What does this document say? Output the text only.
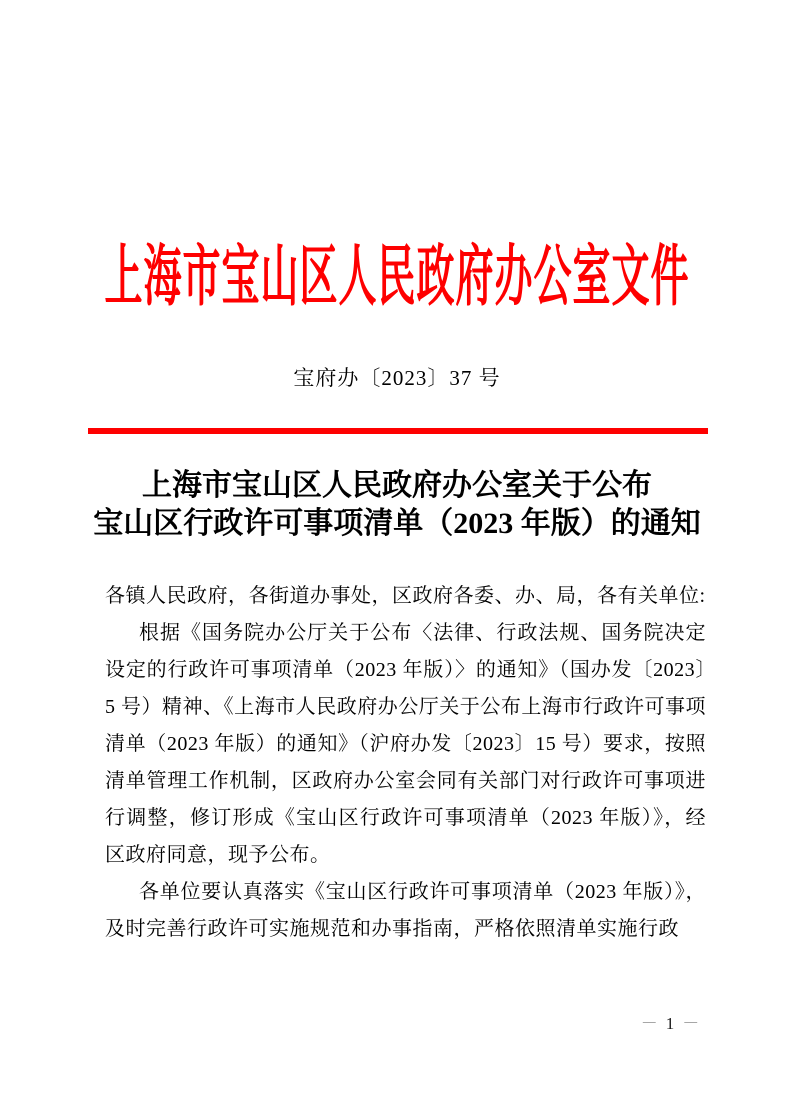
上海市宝山区人民政府办公室文件
宝府办〔2023〕37 号
上海市宝山区人民政府办公室关于公布
宝山区行政许可事项清单（2023 年版）的通知

各镇人民政府，各街道办事处，区政府各委、办、局，各有关单位:

根据《国务院办公厅关于公布〈法律、行政法规、国务院决定设定的行政许可事项清单（2023 年版）〉的通知》（国办发〔2023〕5 号）精神、《上海市人民政府办公厅关于公布上海市行政许可事项清单（2023 年版）的通知》（沪府办发〔2023〕15 号）要求，按照清单管理工作机制，区政府办公室会同有关部门对行政许可事项进行调整，修订形成《宝山区行政许可事项清单（2023 年版）》，经区政府同意，现予公布。

各单位要认真落实《宝山区行政许可事项清单（2023 年版）》，及时完善行政许可实施规范和办事指南，严格依照清单实施行政

－ 1 －
